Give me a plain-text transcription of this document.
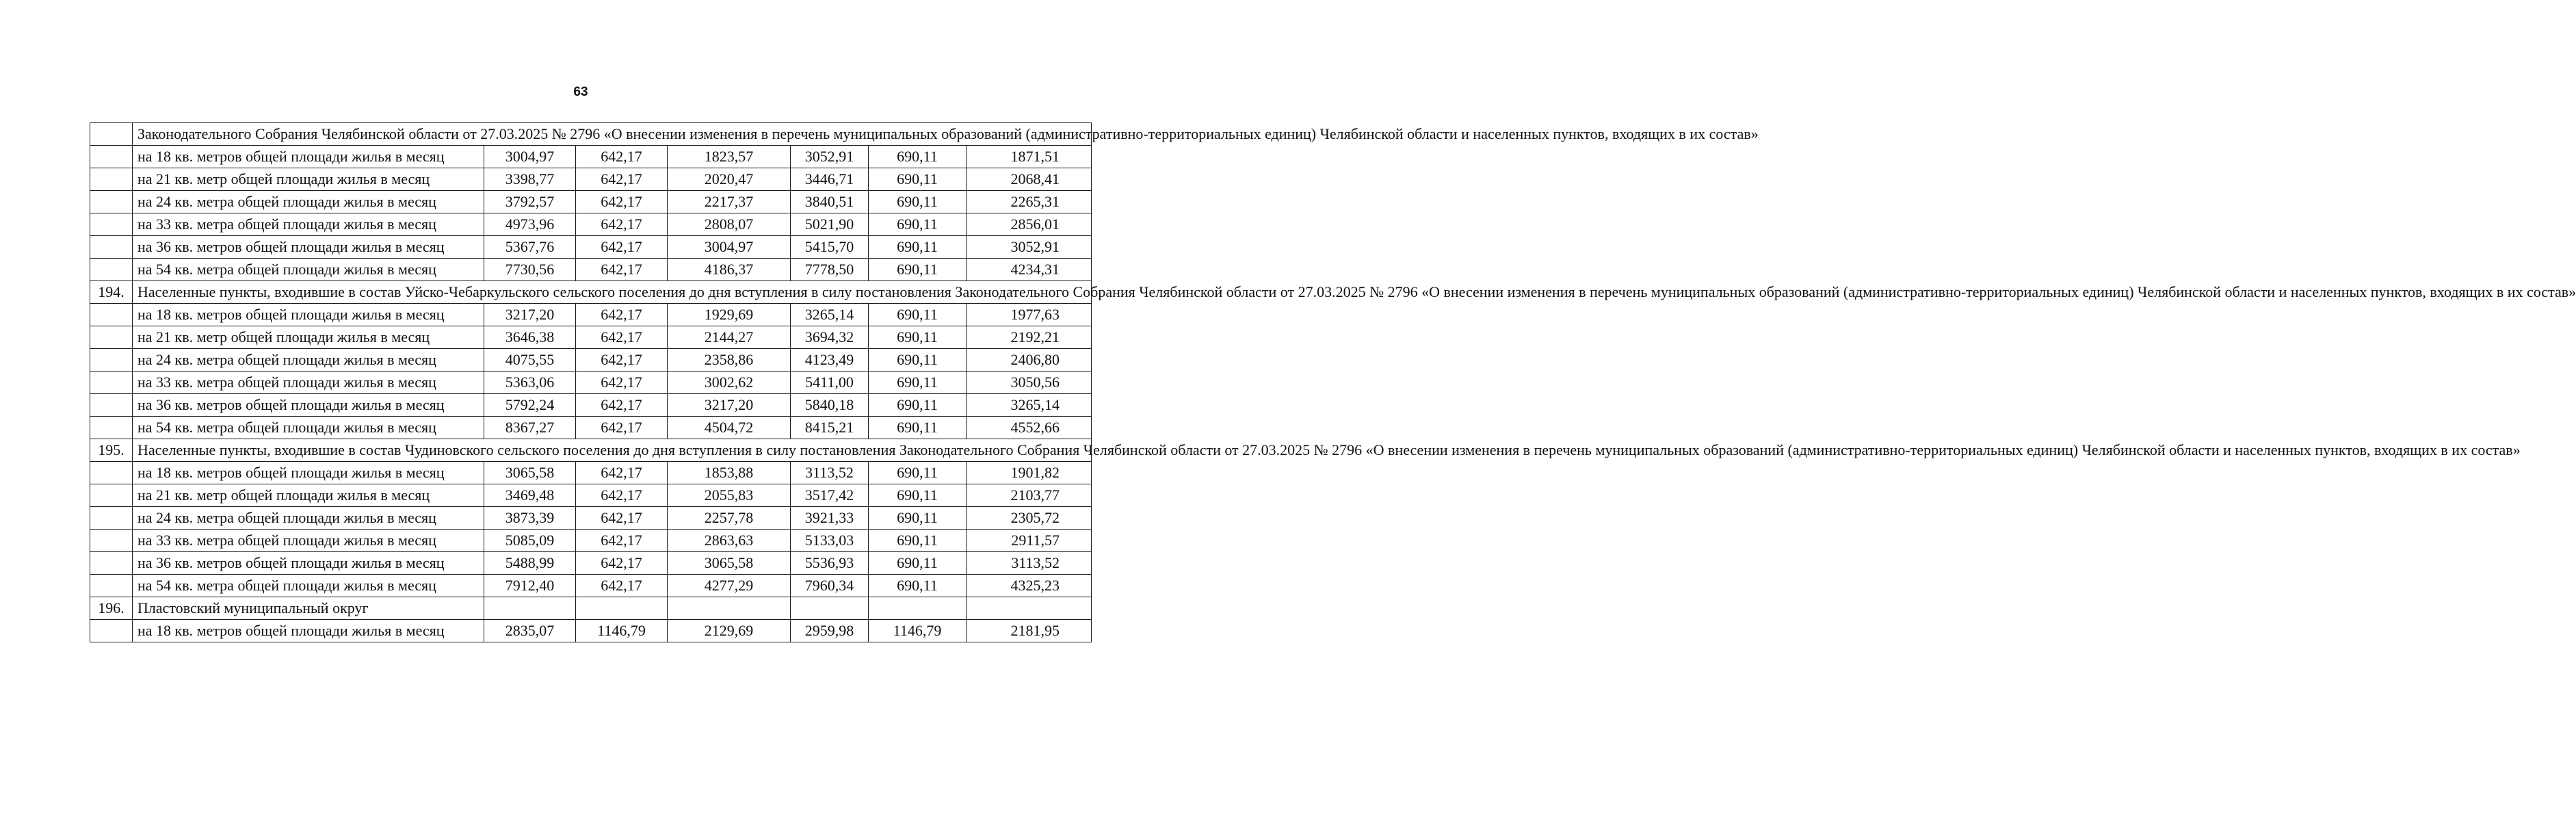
63
	Законодательного Собрания Челябинской области от 27.03.2025 № 2796 «О внесении изменения в перечень муниципальных образований (административно-территориальных единиц) Челябинской области и населенных пунктов, входящих в их состав»						
	на 18 кв. метров общей площади жилья в месяц	3004,97	642,17	1823,57	3052,91	690,11	1871,51
	на 21 кв. метр общей площади жилья в месяц	3398,77	642,17	2020,47	3446,71	690,11	2068,41
	на 24 кв. метра общей площади жилья в месяц	3792,57	642,17	2217,37	3840,51	690,11	2265,31
	на 33 кв. метра общей площади жилья в месяц	4973,96	642,17	2808,07	5021,90	690,11	2856,01
	на 36 кв. метров общей площади жилья в месяц	5367,76	642,17	3004,97	5415,70	690,11	3052,91
	на 54 кв. метра общей площади жилья в месяц	7730,56	642,17	4186,37	7778,50	690,11	4234,31
194.	Населенные пункты, входившие в состав Уйско-Чебаркульского сельского поселения до дня вступления в силу постановления Законодательного Собрания Челябинской области от 27.03.2025 № 2796 «О внесении изменения в перечень муниципальных образований (административно-территориальных единиц) Челябинской области и населенных пунктов, входящих в их состав»						
	на 18 кв. метров общей площади жилья в месяц	3217,20	642,17	1929,69	3265,14	690,11	1977,63
	на 21 кв. метр общей площади жилья в месяц	3646,38	642,17	2144,27	3694,32	690,11	2192,21
	на 24 кв. метра общей площади жилья в месяц	4075,55	642,17	2358,86	4123,49	690,11	2406,80
	на 33 кв. метра общей площади жилья в месяц	5363,06	642,17	3002,62	5411,00	690,11	3050,56
	на 36 кв. метров общей площади жилья в месяц	5792,24	642,17	3217,20	5840,18	690,11	3265,14
	на 54 кв. метра общей площади жилья в месяц	8367,27	642,17	4504,72	8415,21	690,11	4552,66
195.	Населенные пункты, входившие в состав Чудиновского сельского поселения до дня вступления в силу постановления Законодательного Собрания Челябинской области от 27.03.2025 № 2796 «О внесении изменения в перечень муниципальных образований (административно-территориальных единиц) Челябинской области и населенных пунктов, входящих в их состав»						
	на 18 кв. метров общей площади жилья в месяц	3065,58	642,17	1853,88	3113,52	690,11	1901,82
	на 21 кв. метр общей площади жилья в месяц	3469,48	642,17	2055,83	3517,42	690,11	2103,77
	на 24 кв. метра общей площади жилья в месяц	3873,39	642,17	2257,78	3921,33	690,11	2305,72
	на 33 кв. метра общей площади жилья в месяц	5085,09	642,17	2863,63	5133,03	690,11	2911,57
	на 36 кв. метров общей площади жилья в месяц	5488,99	642,17	3065,58	5536,93	690,11	3113,52
	на 54 кв. метра общей площади жилья в месяц	7912,40	642,17	4277,29	7960,34	690,11	4325,23
196.	Пластовский муниципальный округ						
	на 18 кв. метров общей площади жилья в месяц	2835,07	1146,79	2129,69	2959,98	1146,79	2181,95
